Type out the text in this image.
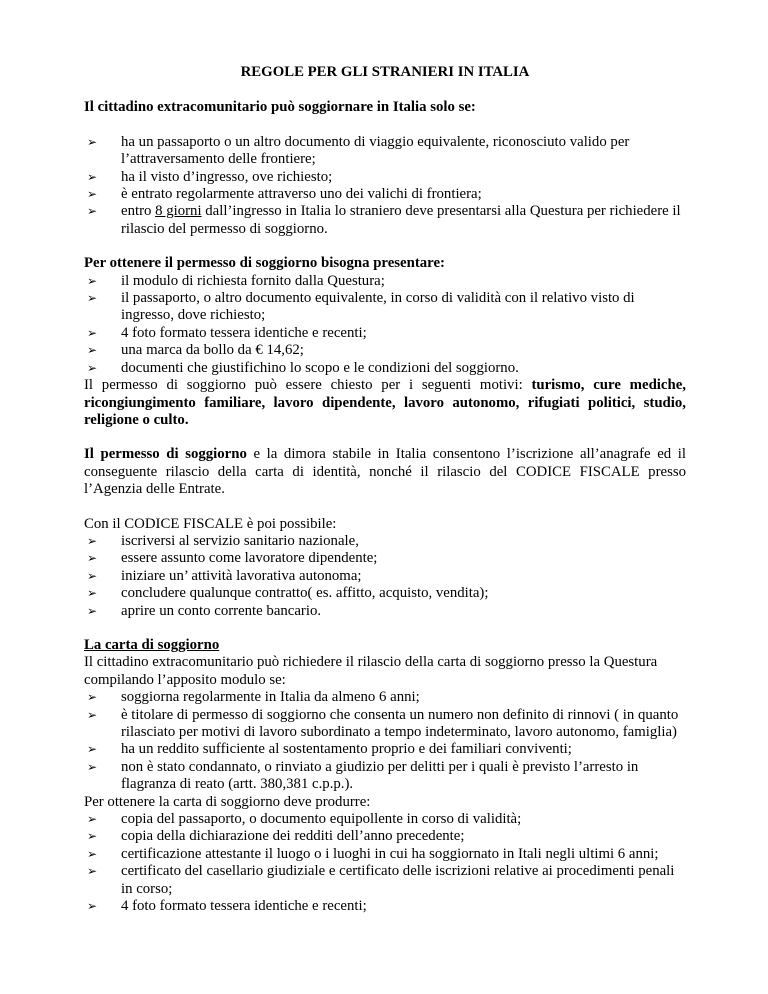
REGOLE PER GLI STRANIERI IN ITALIA

Il cittadino extracomunitario può soggiornare in Italia solo se:

➢	ha un passaporto o un altro documento di viaggio equivalente, riconosciuto valido per l’attraversamento delle frontiere;
➢	ha il visto d’ingresso, ove richiesto;
➢	è entrato regolarmente attraverso uno dei valichi di frontiera;
➢	entro 8 giorni dall’ingresso in Italia lo straniero deve presentarsi alla Questura per richiedere il rilascio del permesso di soggiorno.

Per ottenere il permesso di soggiorno bisogna presentare:

➢	il modulo di richiesta fornito dalla Questura;
➢	il passaporto, o altro documento equivalente, in corso di validità con il relativo visto di ingresso, dove richiesto;
➢	4 foto formato tessera identiche e recenti;
➢	una marca da bollo da € 14,62;
➢	documenti che giustifichino lo scopo e le condizioni del soggiorno.

Il permesso di soggiorno può essere chiesto per i seguenti motivi: turismo, cure mediche, ricongiungimento familiare, lavoro dipendente, lavoro autonomo, rifugiati politici, studio, religione o culto.

Il permesso di soggiorno e la dimora stabile in Italia consentono l’iscrizione all’anagrafe ed il conseguente rilascio della carta di identità, nonché il rilascio del CODICE FISCALE presso l’Agenzia delle Entrate.

Con il CODICE FISCALE è poi possibile:

➢	iscriversi al servizio sanitario nazionale,
➢	essere assunto come lavoratore dipendente;
➢	iniziare un’ attività lavorativa autonoma;
➢	concludere qualunque contratto( es. affitto, acquisto, vendita);
➢	aprire un conto corrente bancario.

La carta di soggiorno

Il cittadino extracomunitario può richiedere il rilascio della carta di soggiorno presso la Questura compilando l’apposito modulo se:

➢	soggiorna regolarmente in Italia da almeno 6 anni;
➢	è titolare di permesso di soggiorno che consenta un numero non definito di rinnovi ( in quanto rilasciato per motivi di lavoro subordinato a tempo indeterminato, lavoro autonomo, famiglia)
➢	ha un reddito sufficiente al sostentamento proprio e dei familiari conviventi;
➢	non è stato condannato, o rinviato a giudizio per delitti per i quali è previsto l’arresto in flagranza di reato (artt. 380,381 c.p.p.).

Per ottenere la carta di soggiorno deve produrre:

➢	copia del passaporto, o documento equipollente in corso di validità;
➢	copia della dichiarazione dei redditi dell’anno precedente;
➢	certificazione attestante il luogo o i luoghi in cui ha soggiornato in Itali negli ultimi 6 anni;
➢	certificato del casellario giudiziale e certificato delle iscrizioni relative ai procedimenti penali in corso;
➢	4 foto formato tessera identiche e recenti;
